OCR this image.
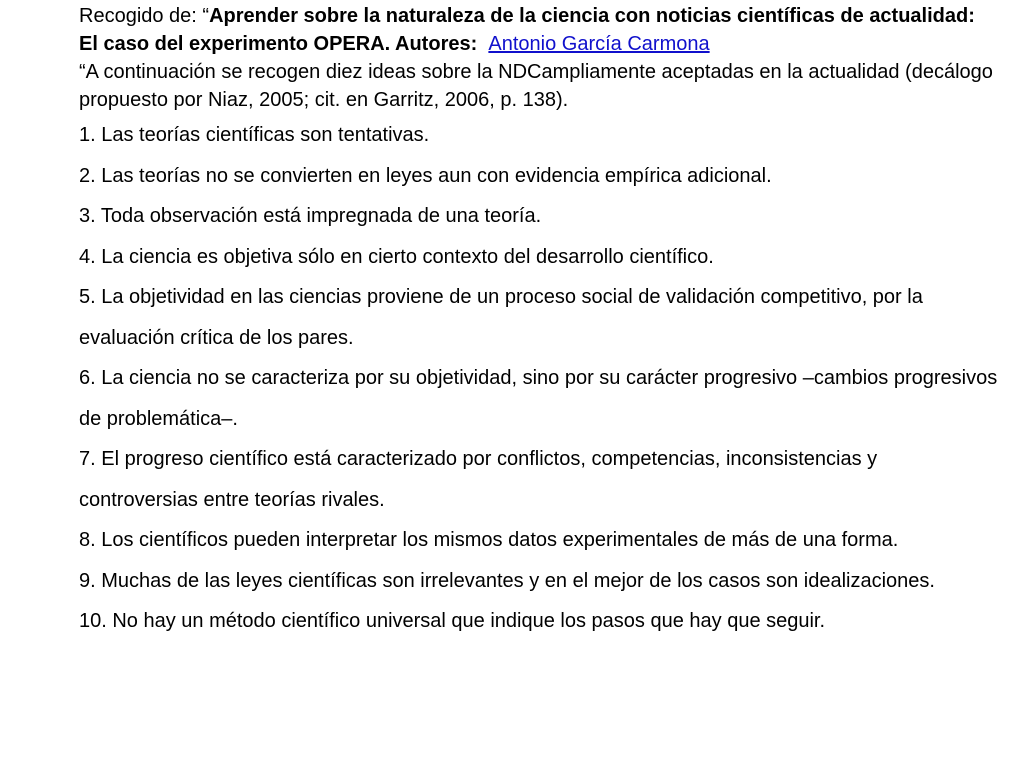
Recogido de: “Aprender sobre la naturaleza de la ciencia con noticias científicas de actualidad: El caso del experimento OPERA. Autores: Antonio García Carmona
“A continuación se recogen diez ideas sobre la NDCampliamente aceptadas en la actualidad (decálogo propuesto por Niaz, 2005; cit. en Garritz, 2006, p. 138).
1. Las teorías científicas son tentativas.
2. Las teorías no se convierten en leyes aun con evidencia empírica adicional.
3. Toda observación está impregnada de una teoría.
4. La ciencia es objetiva sólo en cierto contexto del desarrollo científico.
5. La objetividad en las ciencias proviene de un proceso social de validación competitivo, por la evaluación crítica de los pares.
6. La ciencia no se caracteriza por su objetividad, sino por su carácter progresivo –cambios progresivos de problemática–.
7. El progreso científico está caracterizado por conflictos, competencias, inconsistencias y controversias entre teorías rivales.
8. Los científicos pueden interpretar los mismos datos experimentales de más de una forma.
9. Muchas de las leyes científicas son irrelevantes y en el mejor de los casos son idealizaciones.
10. No hay un método científico universal que indique los pasos que hay que seguir.
